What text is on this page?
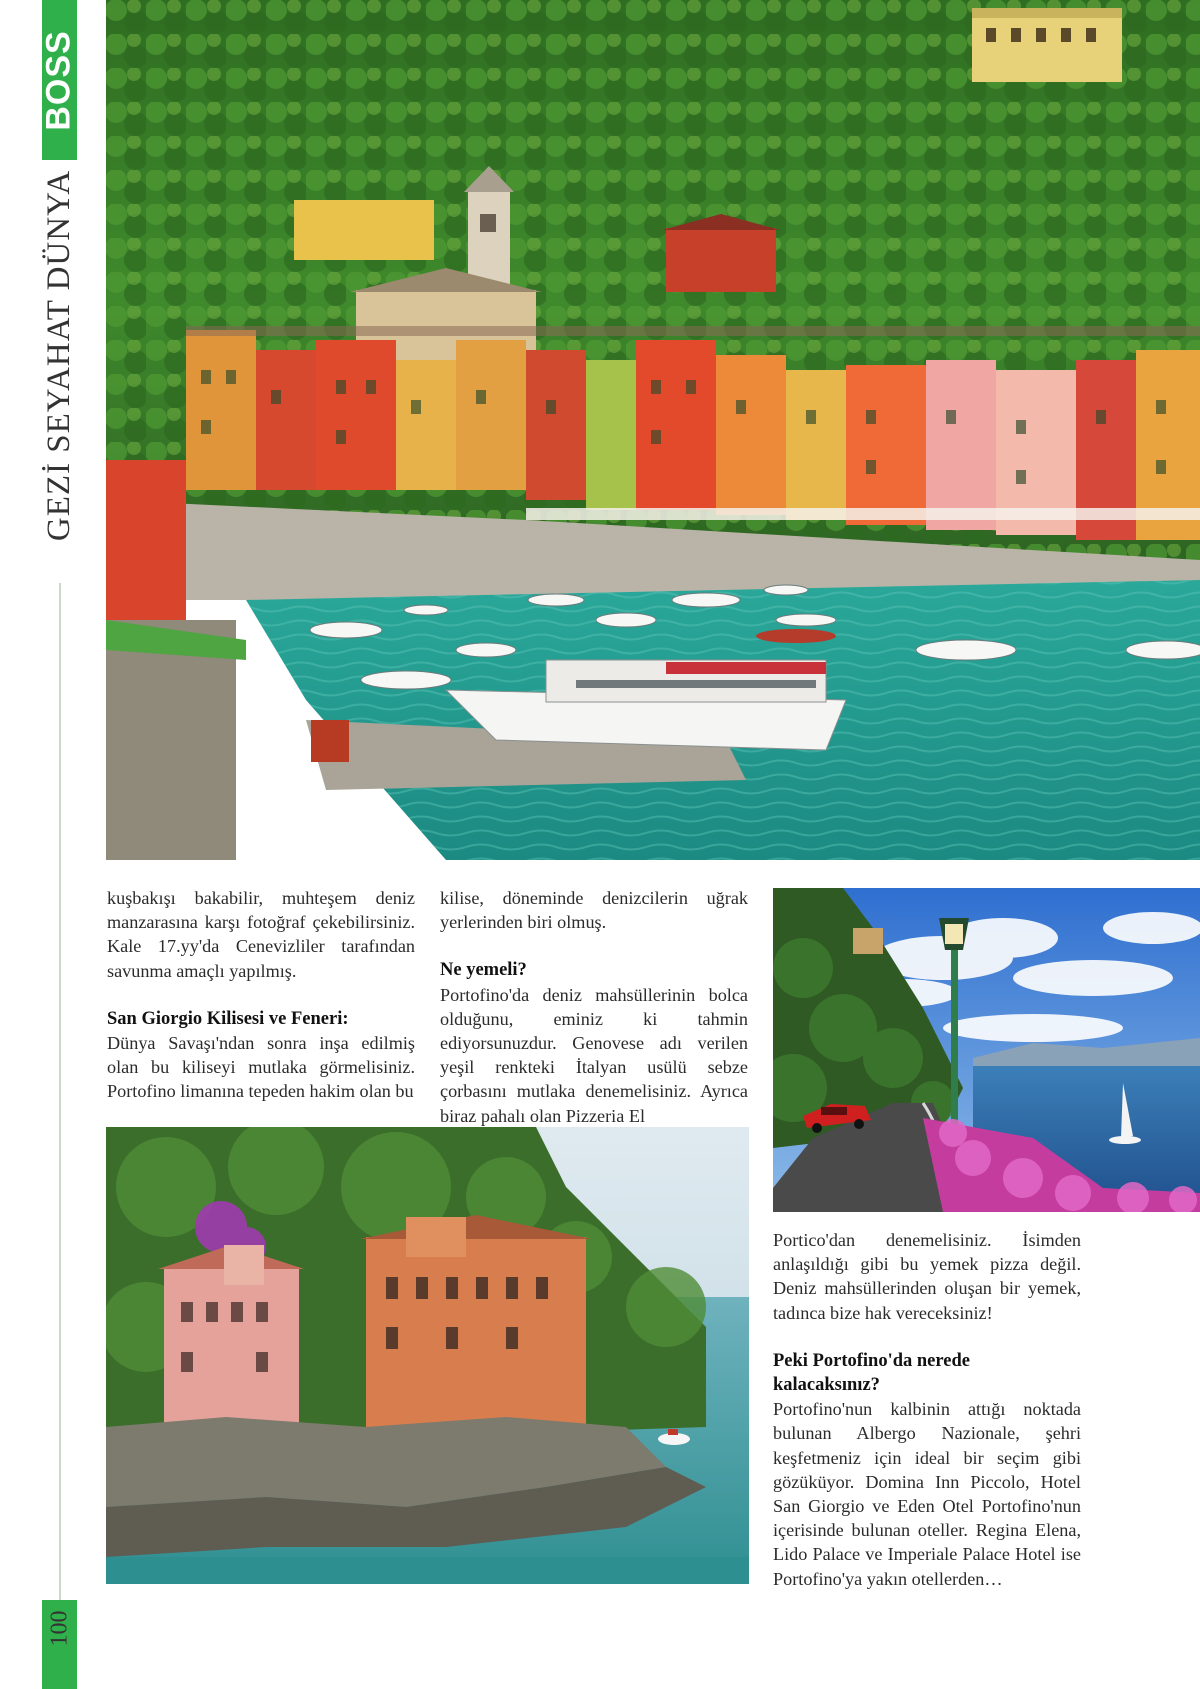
BOSS
GEZİ SEYAHAT DÜNYA
100

kuşbakışı bakabilir, muhteşem deniz manzarasına karşı fotoğraf çekebilirsiniz. Kale 17.yy'da Cenevizliler tarafından savunma amaçlı yapılmış.

San Giorgio Kilisesi ve Feneri:

Dünya Savaşı'ndan sonra inşa edilmiş olan bu kiliseyi mutlaka görmelisiniz. Portofino limanına tepeden hakim olan bu

kilise, döneminde denizcilerin uğrak yerlerinden biri olmuş.

Ne yemeli?

Portofino'da deniz mahsüllerinin bolca olduğunu, eminiz ki tahmin ediyorsunuzdur. Genovese adı verilen yeşil renkteki İtalyan usülü sebze çorbasını mutlaka denemelisiniz. Ayrıca biraz pahalı olan Pizzeria El

Portico'dan denemelisiniz. İsimden anlaşıldığı gibi bu yemek pizza değil. Deniz mahsüllerinden oluşan bir yemek, tadınca bize hak vereceksiniz!

Peki Portofino'da nerede kalacaksınız?

Portofino'nun kalbinin attığı noktada bulunan Albergo Nazionale, şehri keşfetmeniz için ideal bir seçim gibi gözüküyor. Domina Inn Piccolo, Hotel San Giorgio ve Eden Otel Portofino'nun içerisinde bulunan oteller. Regina Elena, Lido Palace ve Imperiale Palace Hotel ise Portofino'ya yakın otellerden…
